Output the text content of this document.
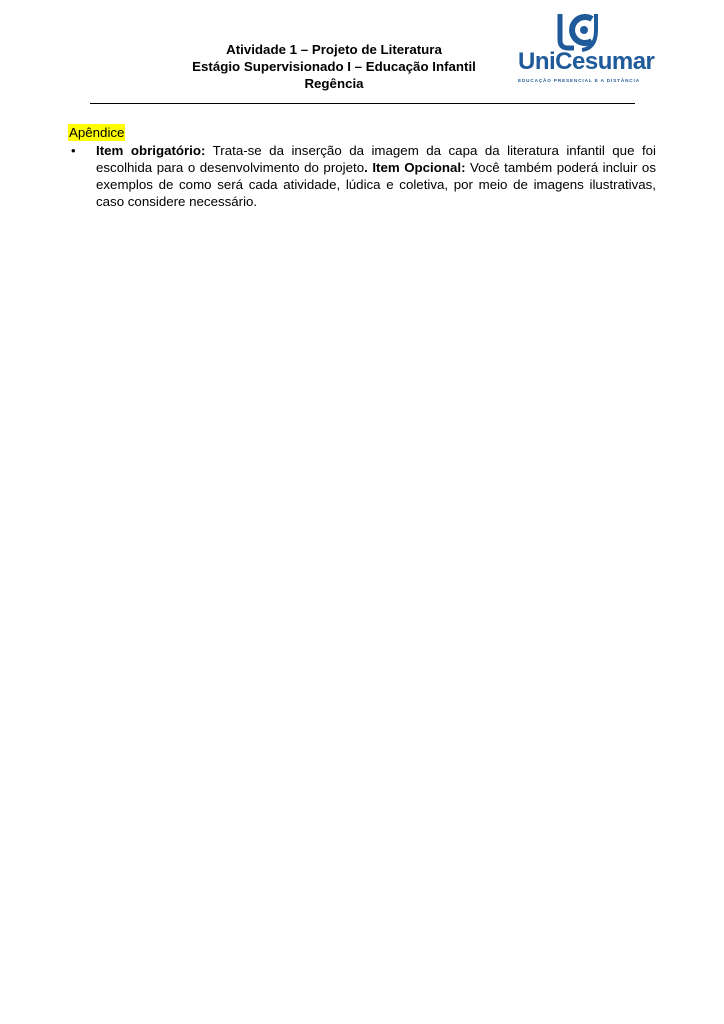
Atividade 1 – Projeto de Literatura
Estágio Supervisionado I – Educação Infantil
Regência
UniCesumar
EDUCAÇÃO PRESENCIAL E A DISTÂNCIA
Apêndice
• Item obrigatório: Trata-se da inserção da imagem da capa da literatura infantil que foi escolhida para o desenvolvimento do projeto. Item Opcional: Você também poderá incluir os exemplos de como será cada atividade, lúdica e coletiva, por meio de imagens ilustrativas, caso considere necessário.
